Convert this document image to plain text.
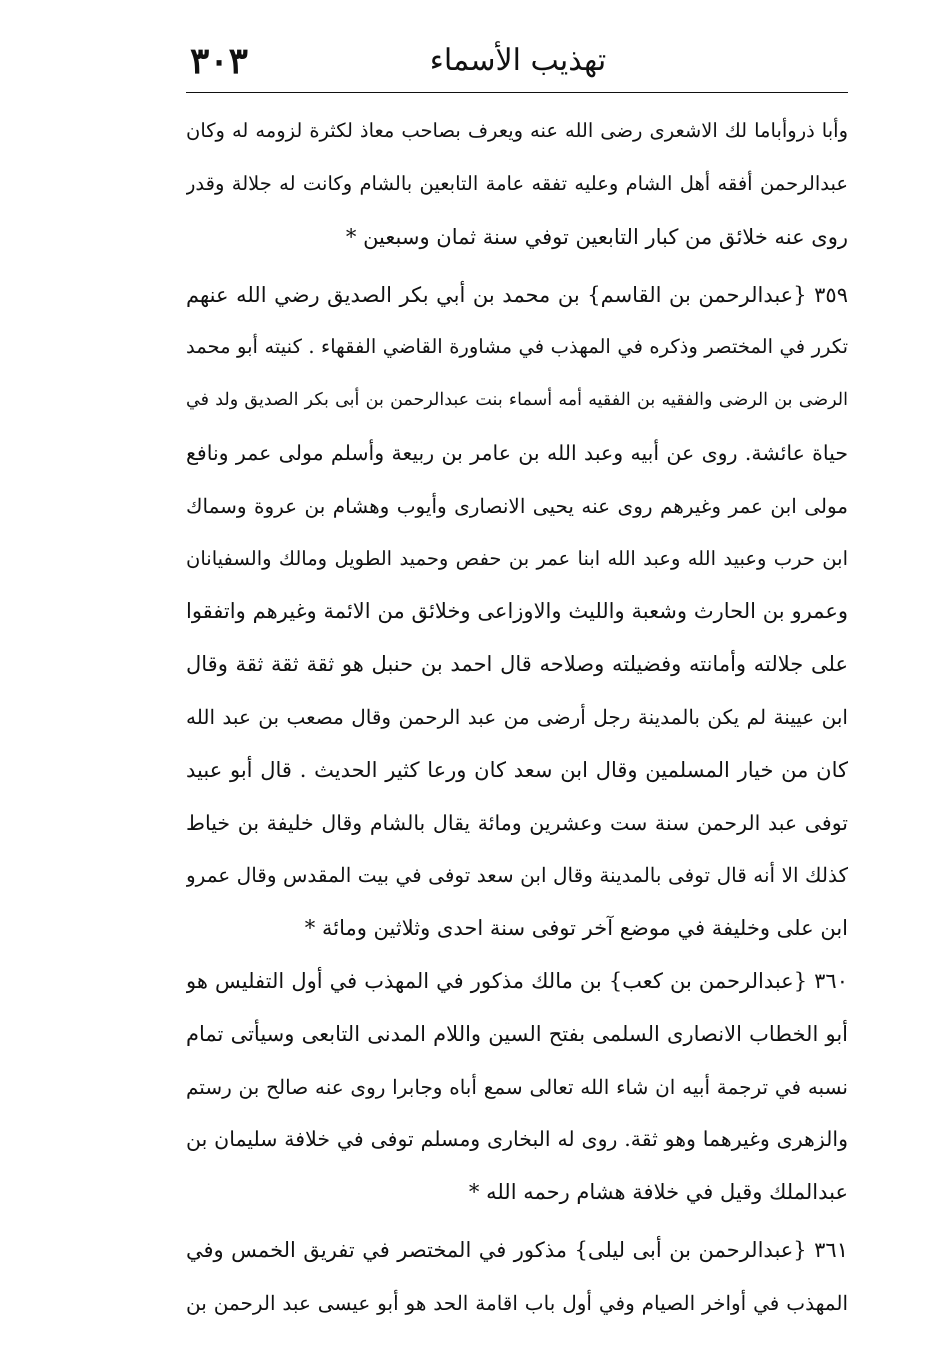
تهذيب الأسماء
٣٠٣
وأبا ذروأباما لك الاشعرى رضى الله عنه ويعرف بصاحب معاذ لكثرة لزومه له وكان
عبدالرحمن أفقه أهل الشام وعليه تفقه عامة التابعين بالشام وكانت له جلالة وقدر
روى عنه خلائق من كبار التابعين توفي سنة ثمان وسبعين *
٣٥٩ {عبدالرحمن بن القاسم} بن محمد بن أبي بكر الصديق رضي الله عنهم
تكرر في المختصر وذكره في المهذب في مشاورة القاضي الفقهاء . كنيته أبو محمد
الرضى بن الرضى والفقيه بن الفقيه أمه أسماء بنت عبدالرحمن بن أبى بكر الصديق ولد في
حياة عائشة. روى عن أبيه وعبد الله بن عامر بن ربيعة وأسلم مولى عمر ونافع
مولى ابن عمر وغيرهم روى عنه يحيى الانصارى وأيوب وهشام بن عروة وسماك
ابن حرب وعبيد الله وعبد الله ابنا عمر بن حفص وحميد الطويل ومالك والسفيانان
وعمرو بن الحارث وشعبة والليث والاوزاعى وخلائق من الائمة وغيرهم واتفقوا
على جلالته وأمانته وفضيلته وصلاحه قال احمد بن حنبل هو ثقة ثقة ثقة وقال
ابن عيينة لم يكن بالمدينة رجل أرضى من عبد الرحمن وقال مصعب بن عبد الله
كان من خيار المسلمين وقال ابن سعد كان ورعا كثير الحديث . قال أبو عبيد
توفى عبد الرحمن سنة ست وعشرين ومائة يقال بالشام وقال خليفة بن خياط
كذلك الا أنه قال توفى بالمدينة وقال ابن سعد توفى في بيت المقدس وقال عمرو
ابن على وخليفة في موضع آخر توفى سنة احدى وثلاثين ومائة *
٣٦٠ {عبدالرحمن بن كعب} بن مالك مذكور في المهذب في أول التفليس هو
أبو الخطاب الانصارى السلمى بفتح السين واللام المدنى التابعى وسيأتى تمام
نسبه في ترجمة أبيه ان شاء الله تعالى سمع أباه وجابرا روى عنه صالح بن رستم
والزهرى وغيرهما وهو ثقة. روى له البخارى ومسلم توفى في خلافة سليمان بن
عبدالملك وقيل في خلافة هشام رحمه الله *
٣٦١ {عبدالرحمن بن أبى ليلى} مذكور في المختصر في تفريق الخمس وفي
المهذب في أواخر الصيام وفي أول باب اقامة الحد هو أبو عيسى عبد الرحمن بن
